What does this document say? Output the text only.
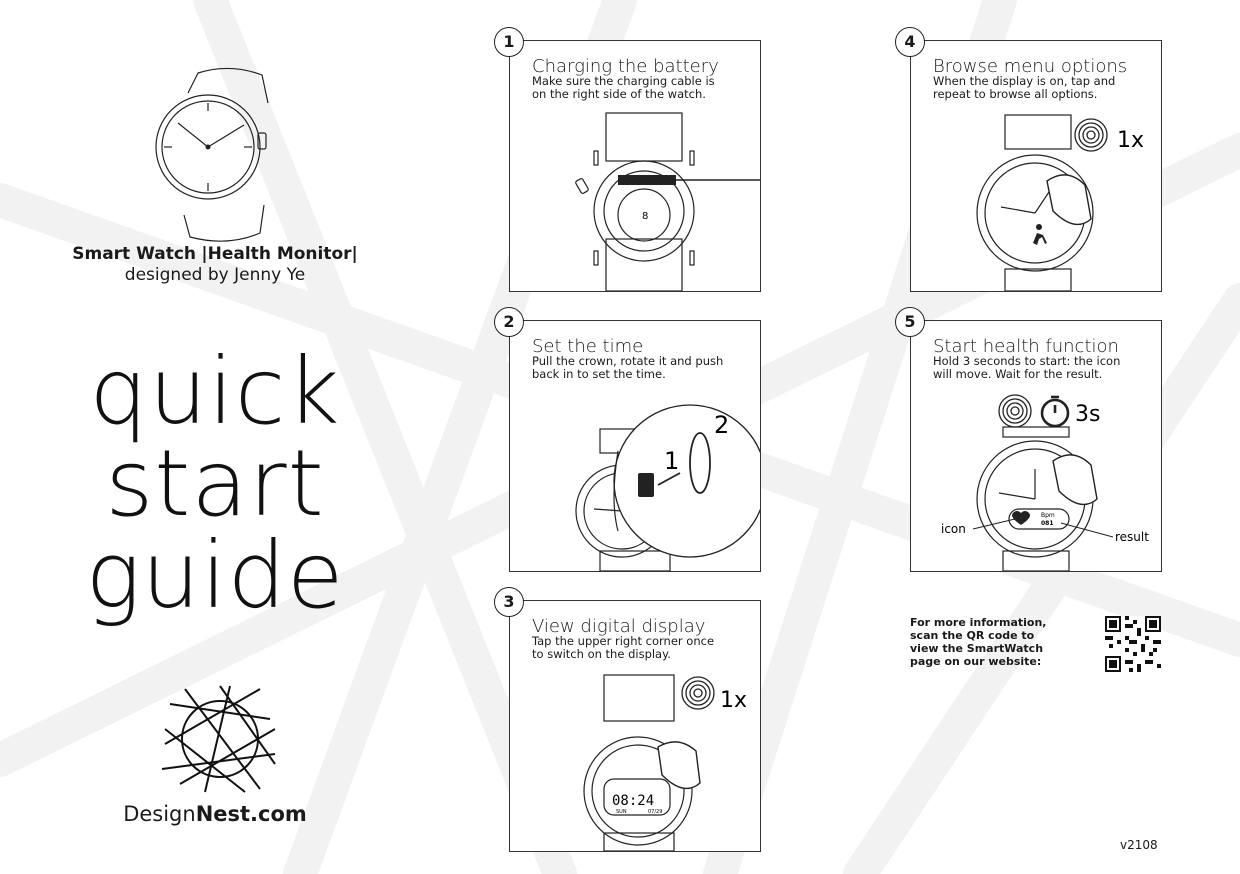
Smart Watch |Health Monitor|
designed by Jenny Ye
quick
start
guide
DesignNest.com
Charging the battery
Make sure the charging cable is
on the right side of the watch.
8
1
Set the time
Pull the crown, rotate it and push
back in to set the time.
1
2
2
View digital display
Tap the upper right corner once
to switch on the display.
1x
08:24
SUN	07/29
3
Browse menu options
When the display is on, tap and
repeat to browse all options.
1x
4
Start health function
Hold 3 seconds to start: the icon
will move. Wait for the result.
3s
Bpm
081
icon
result
5
For more information,
scan the QR code to
view the SmartWatch
page on our website:
v2108
